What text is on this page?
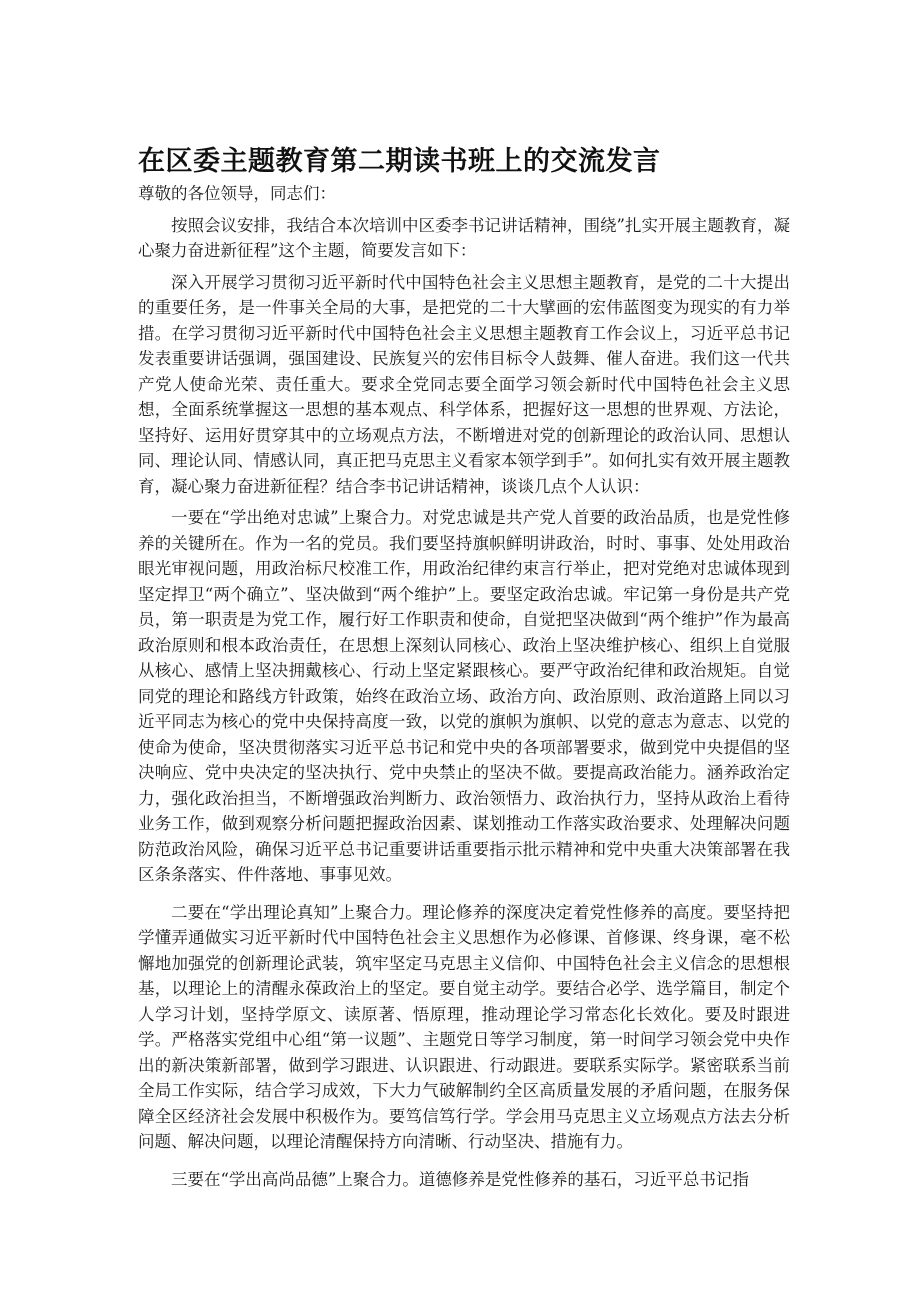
在区委主题教育第二期读书班上的交流发言

尊敬的各位领导，同志们：

按照会议安排，我结合本次培训中区委李书记讲话精神，围绕”扎实开展主题教育，凝心聚力奋进新征程”这个主题，简要发言如下：

深入开展学习贯彻习近平新时代中国特色社会主义思想主题教育，是党的二十大提出的重要任务，是一件事关全局的大事，是把党的二十大擘画的宏伟蓝图变为现实的有力举措。在学习贯彻习近平新时代中国特色社会主义思想主题教育工作会议上，习近平总书记发表重要讲话强调，强国建设、民族复兴的宏伟目标令人鼓舞、催人奋进。我们这一代共产党人使命光荣、责任重大。要求全党同志要全面学习领会新时代中国特色社会主义思想，全面系统掌握这一思想的基本观点、科学体系，把握好这一思想的世界观、方法论，坚持好、运用好贯穿其中的立场观点方法，不断增进对党的创新理论的政治认同、思想认同、理论认同、情感认同，真正把马克思主义看家本领学到手”。如何扎实有效开展主题教育，凝心聚力奋进新征程？结合李书记讲话精神，谈谈几点个人认识：

一要在“学出绝对忠诚”上聚合力。对党忠诚是共产党人首要的政治品质，也是党性修养的关键所在。作为一名的党员。我们要坚持旗帜鲜明讲政治，时时、事事、处处用政治眼光审视问题，用政治标尺校准工作，用政治纪律约束言行举止，把对党绝对忠诚体现到坚定捍卫“两个确立”、坚决做到“两个维护”上。要坚定政治忠诚。牢记第一身份是共产党员，第一职责是为党工作，履行好工作职责和使命，自觉把坚决做到“两个维护”作为最高政治原则和根本政治责任，在思想上深刻认同核心、政治上坚决维护核心、组织上自觉服从核心、感情上坚决拥戴核心、行动上坚定紧跟核心。要严守政治纪律和政治规矩。自觉同党的理论和路线方针政策，始终在政治立场、政治方向、政治原则、政治道路上同以习近平同志为核心的党中央保持高度一致，以党的旗帜为旗帜、以党的意志为意志、以党的使命为使命，坚决贯彻落实习近平总书记和党中央的各项部署要求，做到党中央提倡的坚决响应、党中央决定的坚决执行、党中央禁止的坚决不做。要提高政治能力。涵养政治定力，强化政治担当，不断增强政治判断力、政治领悟力、政治执行力，坚持从政治上看待业务工作，做到观察分析问题把握政治因素、谋划推动工作落实政治要求、处理解决问题防范政治风险，确保习近平总书记重要讲话重要指示批示精神和党中央重大决策部署在我区条条落实、件件落地、事事见效。

二要在“学出理论真知”上聚合力。理论修养的深度决定着党性修养的高度。要坚持把学懂弄通做实习近平新时代中国特色社会主义思想作为必修课、首修课、终身课，毫不松懈地加强党的创新理论武装，筑牢坚定马克思主义信仰、中国特色社会主义信念的思想根基，以理论上的清醒永葆政治上的坚定。要自觉主动学。要结合必学、选学篇目，制定个人学习计划，坚持学原文、读原著、悟原理，推动理论学习常态化长效化。要及时跟进学。严格落实党组中心组“第一议题”、主题党日等学习制度，第一时间学习领会党中央作出的新决策新部署，做到学习跟进、认识跟进、行动跟进。要联系实际学。紧密联系当前全局工作实际，结合学习成效，下大力气破解制约全区高质量发展的矛盾问题，在服务保障全区经济社会发展中积极作为。要笃信笃行学。学会用马克思主义立场观点方法去分析问题、解决问题，以理论清醒保持方向清晰、行动坚决、措施有力。

三要在“学出高尚品德”上聚合力。道德修养是党性修养的基石，习近平总书记指
